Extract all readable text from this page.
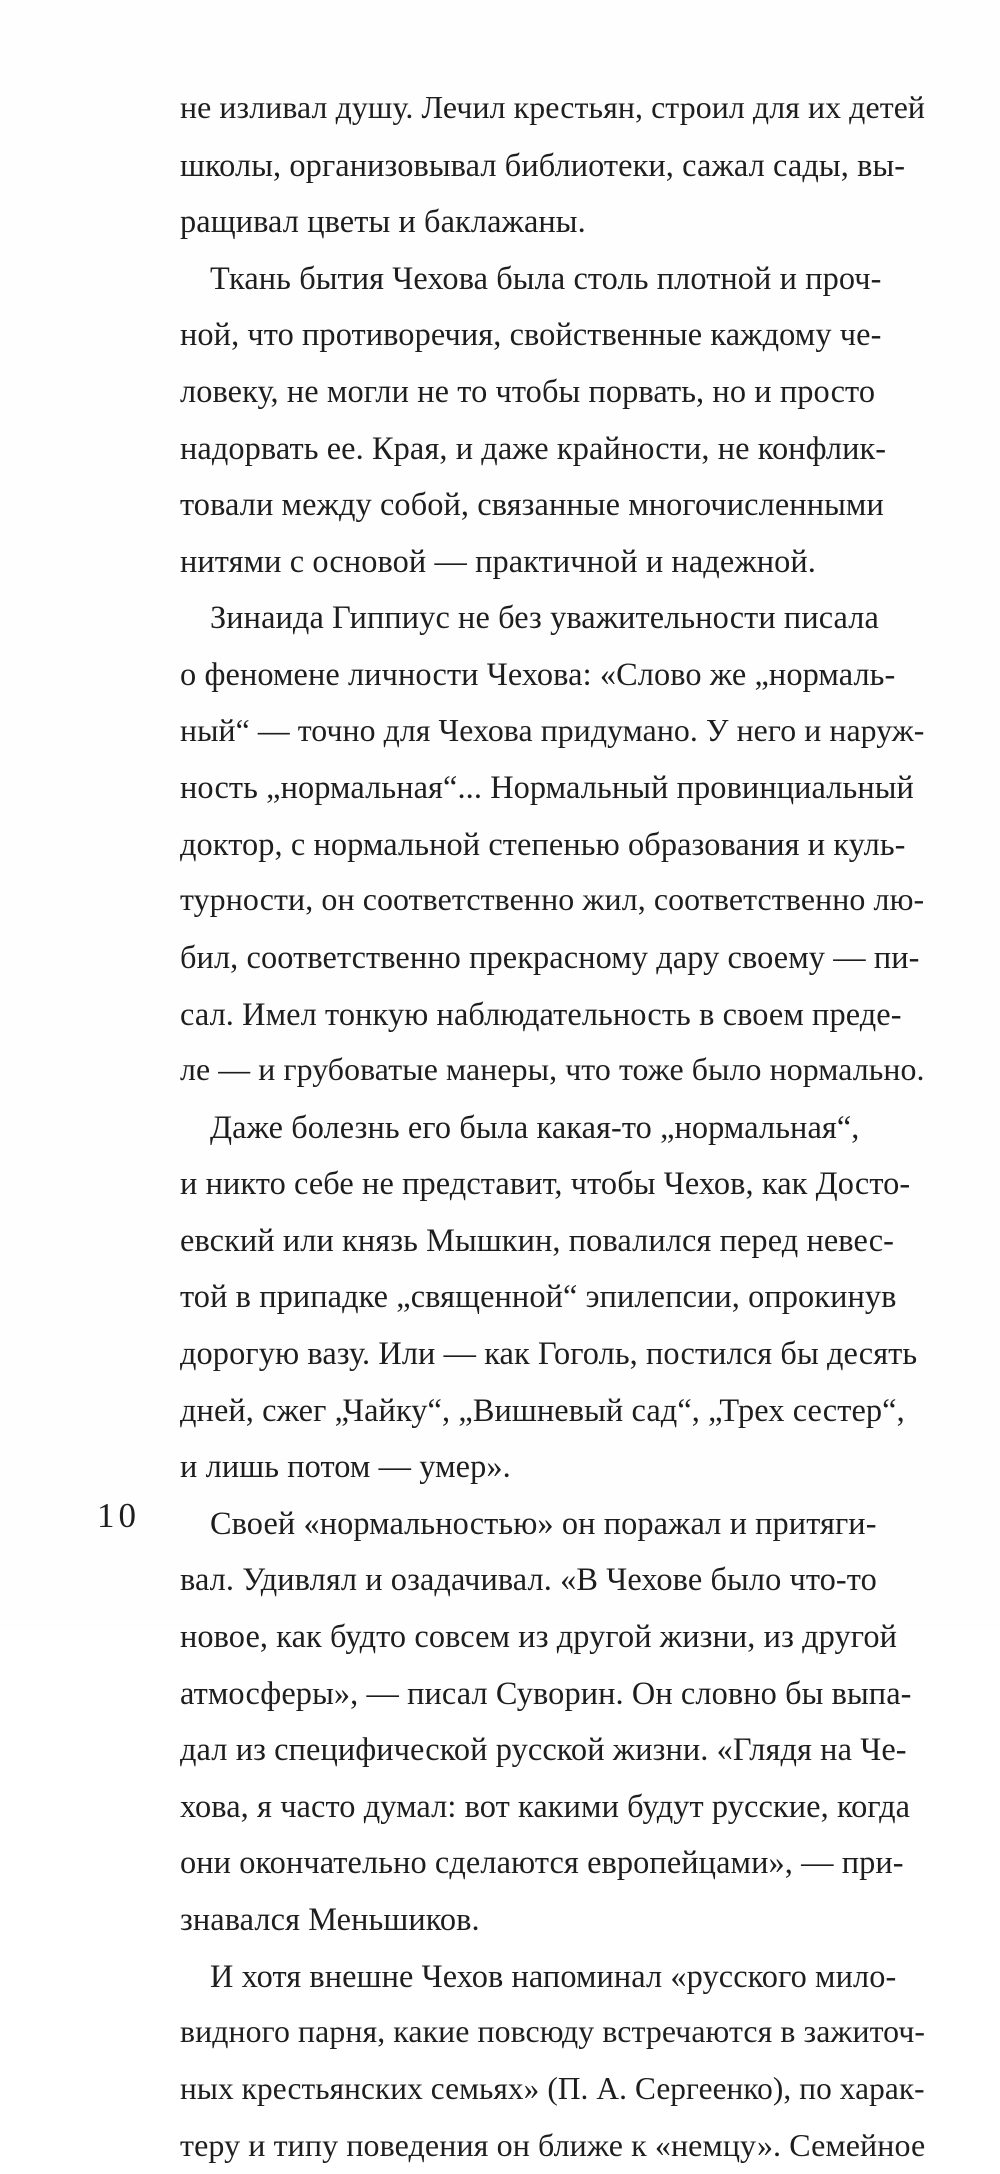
не изливал душу. Лечил крестьян, строил для их детей
школы, организовывал библиотеки, сажал сады, вы-
ращивал цветы и баклажаны.
Ткань бытия Чехова была столь плотной и проч-
ной, что противоречия, свойственные каждому че-
ловеку, не могли не то чтобы порвать, но и просто
надорвать ее. Края, и даже крайности, не конфлик-
товали между собой, связанные многочисленными
нитями с основой — практичной и надежной.
Зинаида Гиппиус не без уважительности писала
о феномене личности Чехова: «Слово же „нормаль-
ный“ — точно для Чехова придумано. У него и наруж-
ность „нормальная“... Нормальный провинциальный
доктор, с нормальной степенью образования и куль-
турности, он соответственно жил, соответственно лю-
бил, соответственно прекрасному дару своему — пи-
сал. Имел тонкую наблюдательность в своем преде-
ле — и грубоватые манеры, что тоже было нормально.
Даже болезнь его была какая-то „нормальная“,
и никто себе не представит, чтобы Чехов, как Досто-
евский или князь Мышкин, повалился перед невес-
той в припадке „священной“ эпилепсии, опрокинув
дорогую вазу. Или — как Гоголь, постился бы десять
дней, сжег „Чайку“, „Вишневый сад“, „Трех сестер“,
и лишь потом — умер».
Своей «нормальностью» он поражал и притяги-
вал. Удивлял и озадачивал. «В Чехове было что-то
новое, как будто совсем из другой жизни, из другой
атмосферы», — писал Суворин. Он словно бы выпа-
дал из специфической русской жизни. «Глядя на Че-
хова, я часто думал: вот какими будут русские, когда
они окончательно сделаются европейцами», — при-
знавался Меньшиков.
И хотя внешне Чехов напоминал «русского мило-
видного парня, какие повсюду встречаются в зажиточ-
ных крестьянских семьях» (П. А. Сергеенко), по харак-
теру и типу поведения он ближе к «немцу». Семейное
10
